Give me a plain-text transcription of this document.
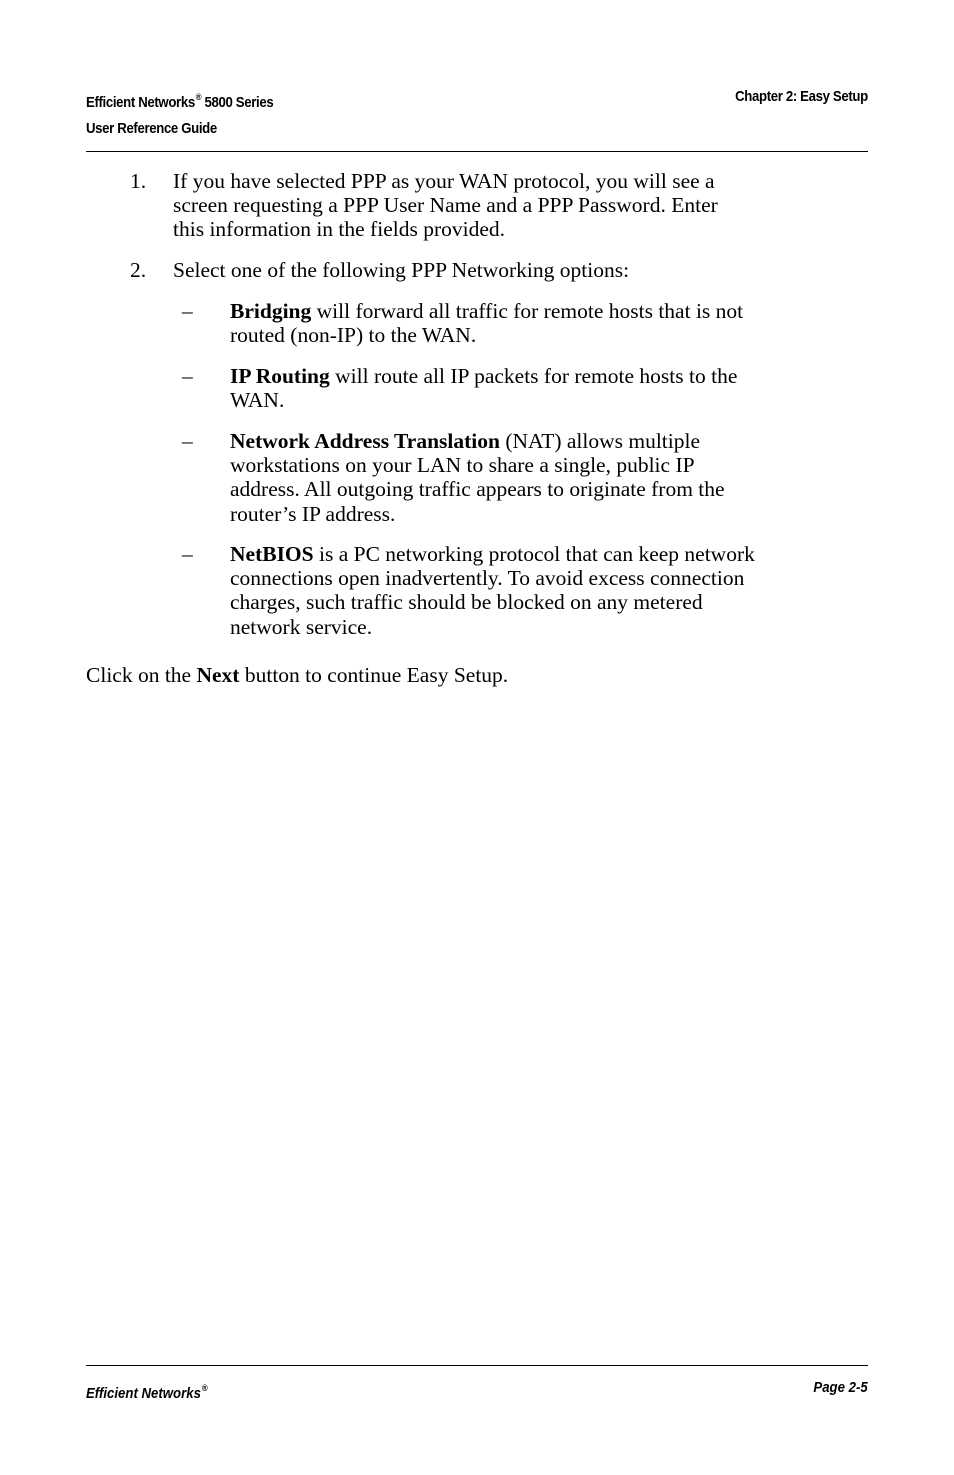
Efficient Networks® 5800 Series
User Reference Guide
Chapter 2: Easy Setup
1. If you have selected PPP as your WAN protocol, you will see a
screen requesting a PPP User Name and a PPP Password. Enter
this information in the fields provided.
2. Select one of the following PPP Networking options:
– Bridging will forward all traffic for remote hosts that is not
routed (non-IP) to the WAN.
– IP Routing will route all IP packets for remote hosts to the
WAN.
– Network Address Translation (NAT) allows multiple
workstations on your LAN to share a single, public IP
address. All outgoing traffic appears to originate from the
router’s IP address.
– NetBIOS is a PC networking protocol that can keep network
connections open inadvertently. To avoid excess connection
charges, such traffic should be blocked on any metered
network service.
Click on the Next button to continue Easy Setup.
Efficient Networks®	Page 2-5
